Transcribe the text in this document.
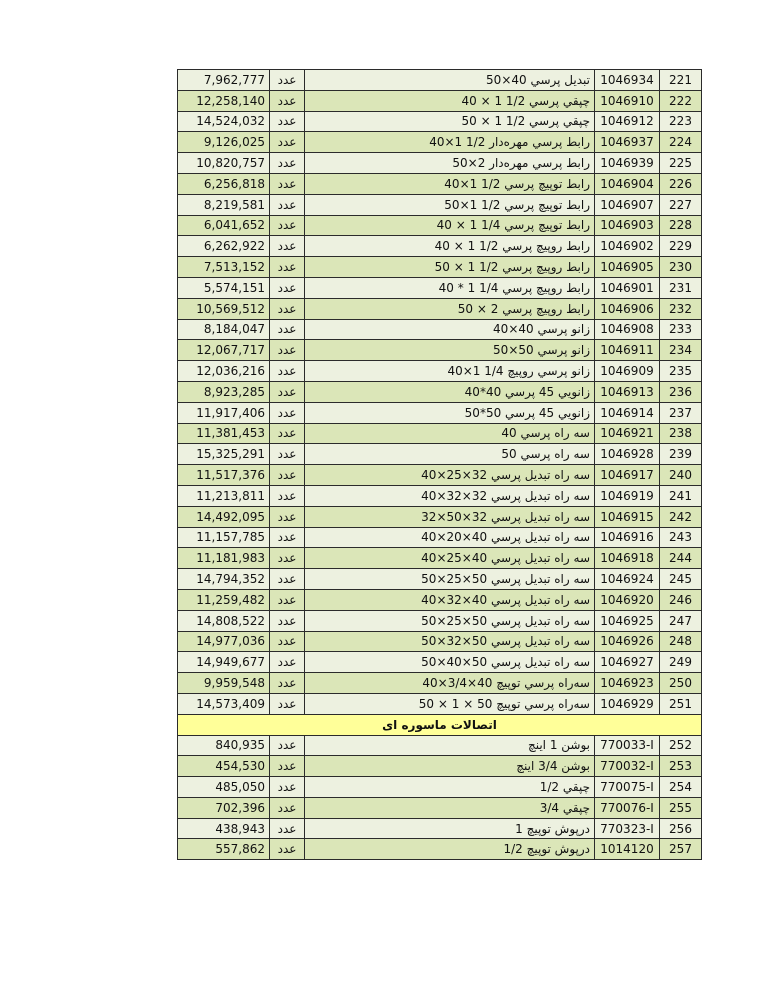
7,962,777	عدد	تبدیل پرسي 40×50	1046934	221
12,258,140	عدد	چپقي پرسي 1/2 1 × 40	1046910	222
14,524,032	عدد	چپقي پرسي 1/2 1 × 50	1046912	223
9,126,025	عدد	رابط پرسي مهره‌دار 1/2 1×40	1046937	224
10,820,757	عدد	رابط پرسي مهره‌دار 2×50	1046939	225
6,256,818	عدد	رابط توپيچ پرسي 1/2 1×40	1046904	226
8,219,581	عدد	رابط توپيچ پرسي 1/2 1×50	1046907	227
6,041,652	عدد	رابط توپيچ پرسي 1/4 1 × 40	1046903	228
6,262,922	عدد	رابط روپيچ پرسي 1/2 1 × 40	1046902	229
7,513,152	عدد	رابط روپيچ پرسي 1/2 1 × 50	1046905	230
5,574,151	عدد	رابط روپيچ پرسي 1/4 1 * 40	1046901	231
10,569,512	عدد	رابط روپيچ پرسي 2 × 50	1046906	232
8,184,047	عدد	زانو پرسي 40×40	1046908	233
12,067,717	عدد	زانو پرسي 50×50	1046911	234
12,036,216	عدد	زانو پرسي روپيچ 1/4 1×40	1046909	235
8,923,285	عدد	زانويي 45 پرسي 40*40	1046913	236
11,917,406	عدد	زانويي 45 پرسي 50*50	1046914	237
11,381,453	عدد	سه راه پرسي 40	1046921	238
15,325,291	عدد	سه راه پرسي 50	1046928	239
11,517,376	عدد	سه راه تبديل پرسي 32×25×40	1046917	240
11,213,811	عدد	سه راه تبديل پرسي 32×32×40	1046919	241
14,492,095	عدد	سه راه تبديل پرسي 32×50×32	1046915	242
11,157,785	عدد	سه راه تبديل پرسي 40×20×40	1046916	243
11,181,983	عدد	سه راه تبديل پرسي 40×25×40	1046918	244
14,794,352	عدد	سه راه تبديل پرسي 50×25×50	1046924	245
11,259,482	عدد	سه راه تبديل پرسي 40×32×40	1046920	246
14,808,522	عدد	سه راه تبديل پرسي 50×25×50	1046925	247
14,977,036	عدد	سه راه تبديل پرسي 50×32×50	1046926	248
14,949,677	عدد	سه راه تبديل پرسي 50×40×50	1046927	249
9,959,548	عدد	سه‌راه پرسي توپيچ 40×3/4×40	1046923	250
14,573,409	عدد	سه‌راه پرسي توپيچ 50 × 1 × 50	1046929	251
اتصالات ماسوره ای				
840,935	عدد	بوشن 1 اينچ	770033-I	252
454,530	عدد	بوشن 3/4 اينچ	770032-I	253
485,050	عدد	چپقي 1/2	770075-I	254
702,396	عدد	چپقي 3/4	770076-I	255
438,943	عدد	درپوش توپيچ 1	770323-I	256
557,862	عدد	درپوش توپيچ 1/2	1014120	257
